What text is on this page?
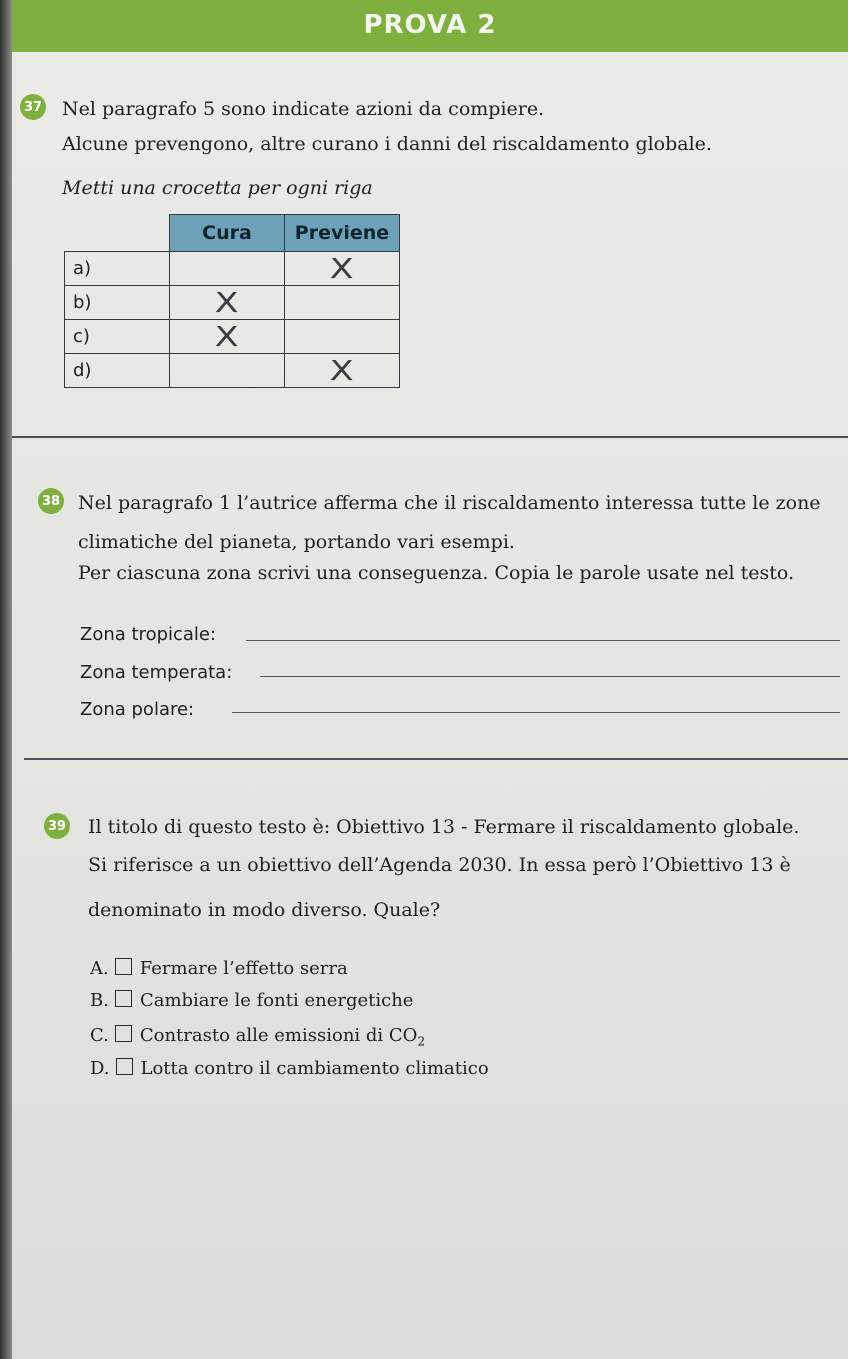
PROVA 2
37 Nel paragrafo 5 sono indicate azioni da compiere.
Alcune prevengono, altre curano i danni del riscaldamento globale.
Metti una crocetta per ogni riga
	Cura	Previene
a)		X
b)	X	
c)	X	
d)		X
38 Nel paragrafo 1 l’autrice afferma che il riscaldamento interessa tutte le zone
climatiche del pianeta, portando vari esempi.
Per ciascuna zona scrivi una conseguenza. Copia le parole usate nel testo.
Zona tropicale:
Zona temperata:
Zona polare:
39 Il titolo di questo testo è: Obiettivo 13 - Fermare il riscaldamento globale.
Si riferisce a un obiettivo dell’Agenda 2030. In essa però l’Obiettivo 13 è
denominato in modo diverso. Quale?
A. Fermare l’effetto serra
B. Cambiare le fonti energetiche
C. Contrasto alle emissioni di $CO_2$
D. Lotta contro il cambiamento climatico
